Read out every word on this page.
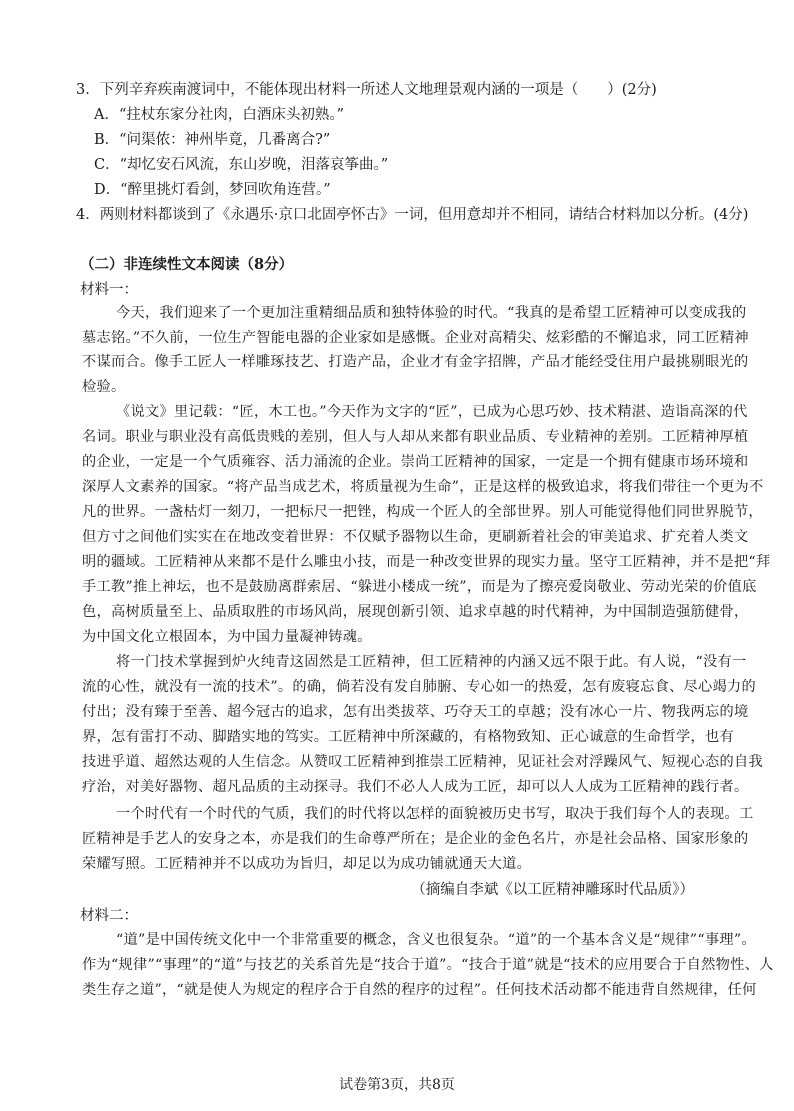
3．下列辛弃疾南渡词中，不能体现出材料一所述人文地理景观内涵的一项是（　　）(2分)
A．“拄杖东家分社肉，白酒床头初熟。”
B．“问渠侬：神州毕竟，几番离合?”
C．“却忆安石风流，东山岁晚，泪落哀筝曲。”
D．“醉里挑灯看剑，梦回吹角连营。”
4．两则材料都谈到了《永遇乐·京口北固亭怀古》一词，但用意却并不相同，请结合材料加以分析。(4分)
（二）非连续性文本阅读（8分）
材料一：
今天，我们迎来了一个更加注重精细品质和独特体验的时代。“我真的是希望工匠精神可以变成我的
墓志铭。”不久前，一位生产智能电器的企业家如是感慨。企业对高精尖、炫彩酷的不懈追求，同工匠精神
不谋而合。像手工匠人一样雕琢技艺、打造产品，企业才有金字招牌，产品才能经受住用户最挑剔眼光的
检验。
《说文》里记载：“匠，木工也。”今天作为文字的“匠”，已成为心思巧妙、技术精湛、造诣高深的代
名词。职业与职业没有高低贵贱的差别，但人与人却从来都有职业品质、专业精神的差别。工匠精神厚植
的企业，一定是一个气质雍容、活力涌流的企业。崇尚工匠精神的国家，一定是一个拥有健康市场环境和
深厚人文素养的国家。“将产品当成艺术，将质量视为生命”，正是这样的极致追求，将我们带往一个更为不
凡的世界。一盏枯灯一刻刀，一把标尺一把锉，构成一个匠人的全部世界。别人可能觉得他们同世界脱节，
但方寸之间他们实实在在地改变着世界：不仅赋予器物以生命，更刷新着社会的审美追求、扩充着人类文
明的疆域。工匠精神从来都不是什么雕虫小技，而是一种改变世界的现实力量。坚守工匠精神，并不是把“拜
手工教”推上神坛，也不是鼓励离群索居、“躲进小楼成一统”，而是为了擦亮爱岗敬业、劳动光荣的价值底
色，高树质量至上、品质取胜的市场风尚，展现创新引领、追求卓越的时代精神，为中国制造强筋健骨，
为中国文化立根固本，为中国力量凝神铸魂。
将一门技术掌握到炉火纯青这固然是工匠精神，但工匠精神的内涵又远不限于此。有人说，“没有一
流的心性，就没有一流的技术”。的确，倘若没有发自肺腑、专心如一的热爱，怎有废寝忘食、尽心竭力的
付出；没有臻于至善、超今冠古的追求，怎有出类拔萃、巧夺天工的卓越；没有冰心一片、物我两忘的境
界，怎有雷打不动、脚踏实地的笃实。工匠精神中所深藏的，有格物致知、正心诚意的生命哲学，也有
技进乎道、超然达观的人生信念。从赞叹工匠精神到推崇工匠精神，见证社会对浮躁风气、短视心态的自我
疗治，对美好器物、超凡品质的主动探寻。我们不必人人成为工匠，却可以人人成为工匠精神的践行者。
一个时代有一个时代的气质，我们的时代将以怎样的面貌被历史书写，取决于我们每个人的表现。工
匠精神是手艺人的安身之本，亦是我们的生命尊严所在；是企业的金色名片，亦是社会品格、国家形象的
荣耀写照。工匠精神并不以成功为旨归，却足以为成功铺就通天大道。
（摘编自李斌《以工匠精神雕琢时代品质》）
材料二：
“道”是中国传统文化中一个非常重要的概念，含义也很复杂。“道”的一个基本含义是“规律”“事理”。
作为“规律”“事理”的“道”与技艺的关系首先是“技合于道”。“技合于道”就是“技术的应用要合于自然物性、人
类生存之道”，“就是使人为规定的程序合于自然的程序的过程”。任何技术活动都不能违背自然规律，任何
试卷第3页，共8页
